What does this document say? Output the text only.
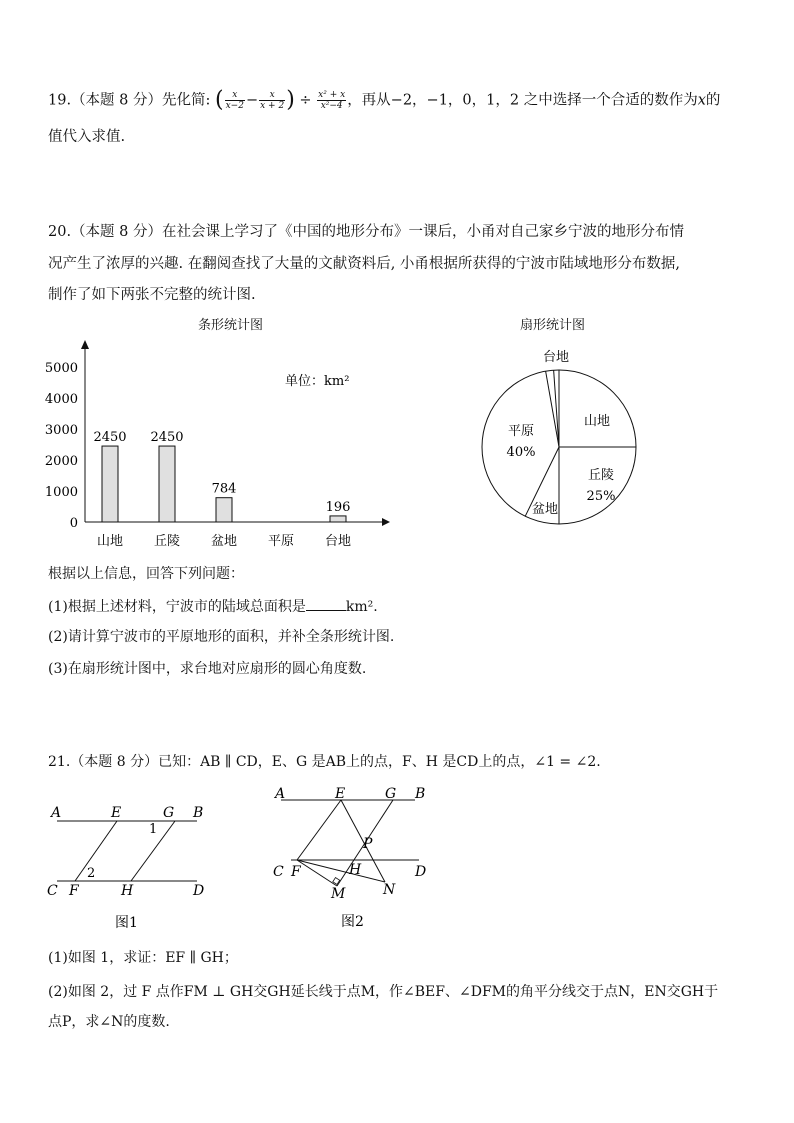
19.（本题 8 分）先化简: ( $\frac{x}{x-2} - \frac{x}{x + 2}$ ) ÷ $\frac{\text{x² + x}}{\text{x²−4}}$ ，再从−2，−1，0，1，2 之中选择一个合适的数作为x的
值代入求值.
20.（本题 8 分）在社会课上学习了《中国的地形分布》一课后，小甬对自己家乡宁波的地形分布情
况产生了浓厚的兴趣. 在翻阅查找了大量的文献资料后, 小甬根据所获得的宁波市陆域地形分布数据,
制作了如下两张不完整的统计图.
条形统计图	扇形统计图
0
1000
2000
3000
4000
5000
2450
山地
2450
丘陵
784
盆地 平原
196
台地
单位：km²
山地
丘陵
25%
盆地
平原
40%
台地
根据以上信息，回答下列问题：
(1)根据上述材料，宁波市的陆域总面积是	km².
(2)请计算宁波市的平原地形的面积，并补全条形统计图.
(3)在扇形统计图中，求台地对应扇形的圆心角度数.
21.（本题 8 分）已知：AB ∥ CD，E、G 是AB上的点，F、H 是CD上的点，∠1 = ∠2.
A	E	G B
1
2
C F	H	D
图1
A	E	G B
P
C F	H	D
M	N
图2
(1)如图 1，求证：EF ∥ GH；
(2)如图 2，过 F 点作FM ⊥ GH交GH延长线于点M，作∠BEF、∠DFM的角平分线交于点N，EN交GH于
点P，求∠N的度数.
